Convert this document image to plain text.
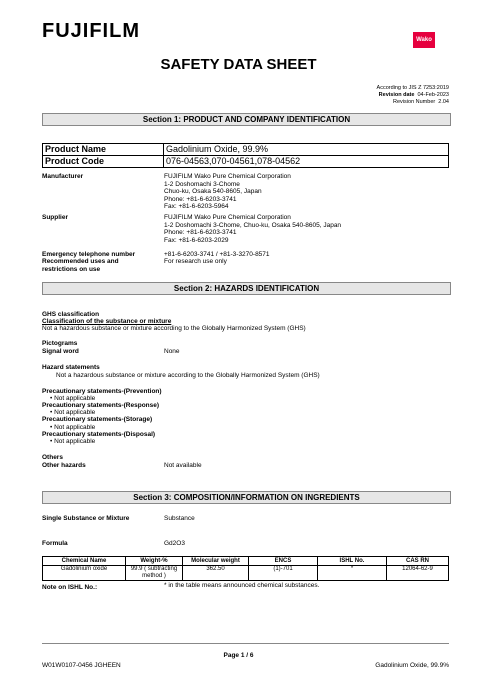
FUJIFILM	Wako
SAFETY DATA SHEET
According to JIS Z 7253:2019
Revision date 04-Feb-2023
Revision Number 2.04
Section 1: PRODUCT AND COMPANY IDENTIFICATION
Product Name	Gadolinium Oxide, 99.9%
Product Code	076-04563,070-04561,078-04562
Manufacturer	FUJIFILM Wako Pure Chemical Corporation
1-2 Doshomachi 3-Chome
Chuo-ku, Osaka 540-8605, Japan
Phone: +81-6-6203-3741
Fax: +81-6-6203-5964
Supplier	FUJIFILM Wako Pure Chemical Corporation
1-2 Doshomachi 3-Chome, Chuo-ku, Osaka 540-8605, Japan
Phone: +81-6-6203-3741
Fax: +81-6-6203-2029
Emergency telephone number	+81-6-6203-3741 / +81-3-3270-8571
Recommended uses and
restrictions on use
For research use only
Section 2: HAZARDS IDENTIFICATION
GHS classification
Classification of the substance or mixture
Not a hazardous substance or mixture according to the Globally Harmonized System (GHS)
Pictograms
Signal word	None
Hazard statements
Not a hazardous substance or mixture according to the Globally Harmonized System (GHS)
Precautionary statements-(Prevention)
• Not applicable
Precautionary statements-(Response)
• Not applicable
Precautionary statements-(Storage)
• Not applicable
Precautionary statements-(Disposal)
• Not applicable
Others
Other hazards	Not available
Section 3: COMPOSITION/INFORMATION ON INGREDIENTS
Single Substance or Mixture	Substance
Formula	Gd2O3
Chemical Name	Weight-%	Molecular weight	ENCS	ISHL No.	CAS RN
Gadolinium oxide	99.9 ( subtracting method )	362.50	(1)-701	*	12064-62-9
Note on ISHL No.:	* in the table means announced chemical substances.
Page 1 / 6
W01W0107-0456 JGHEEN	Gadolinium Oxide, 99.9%
